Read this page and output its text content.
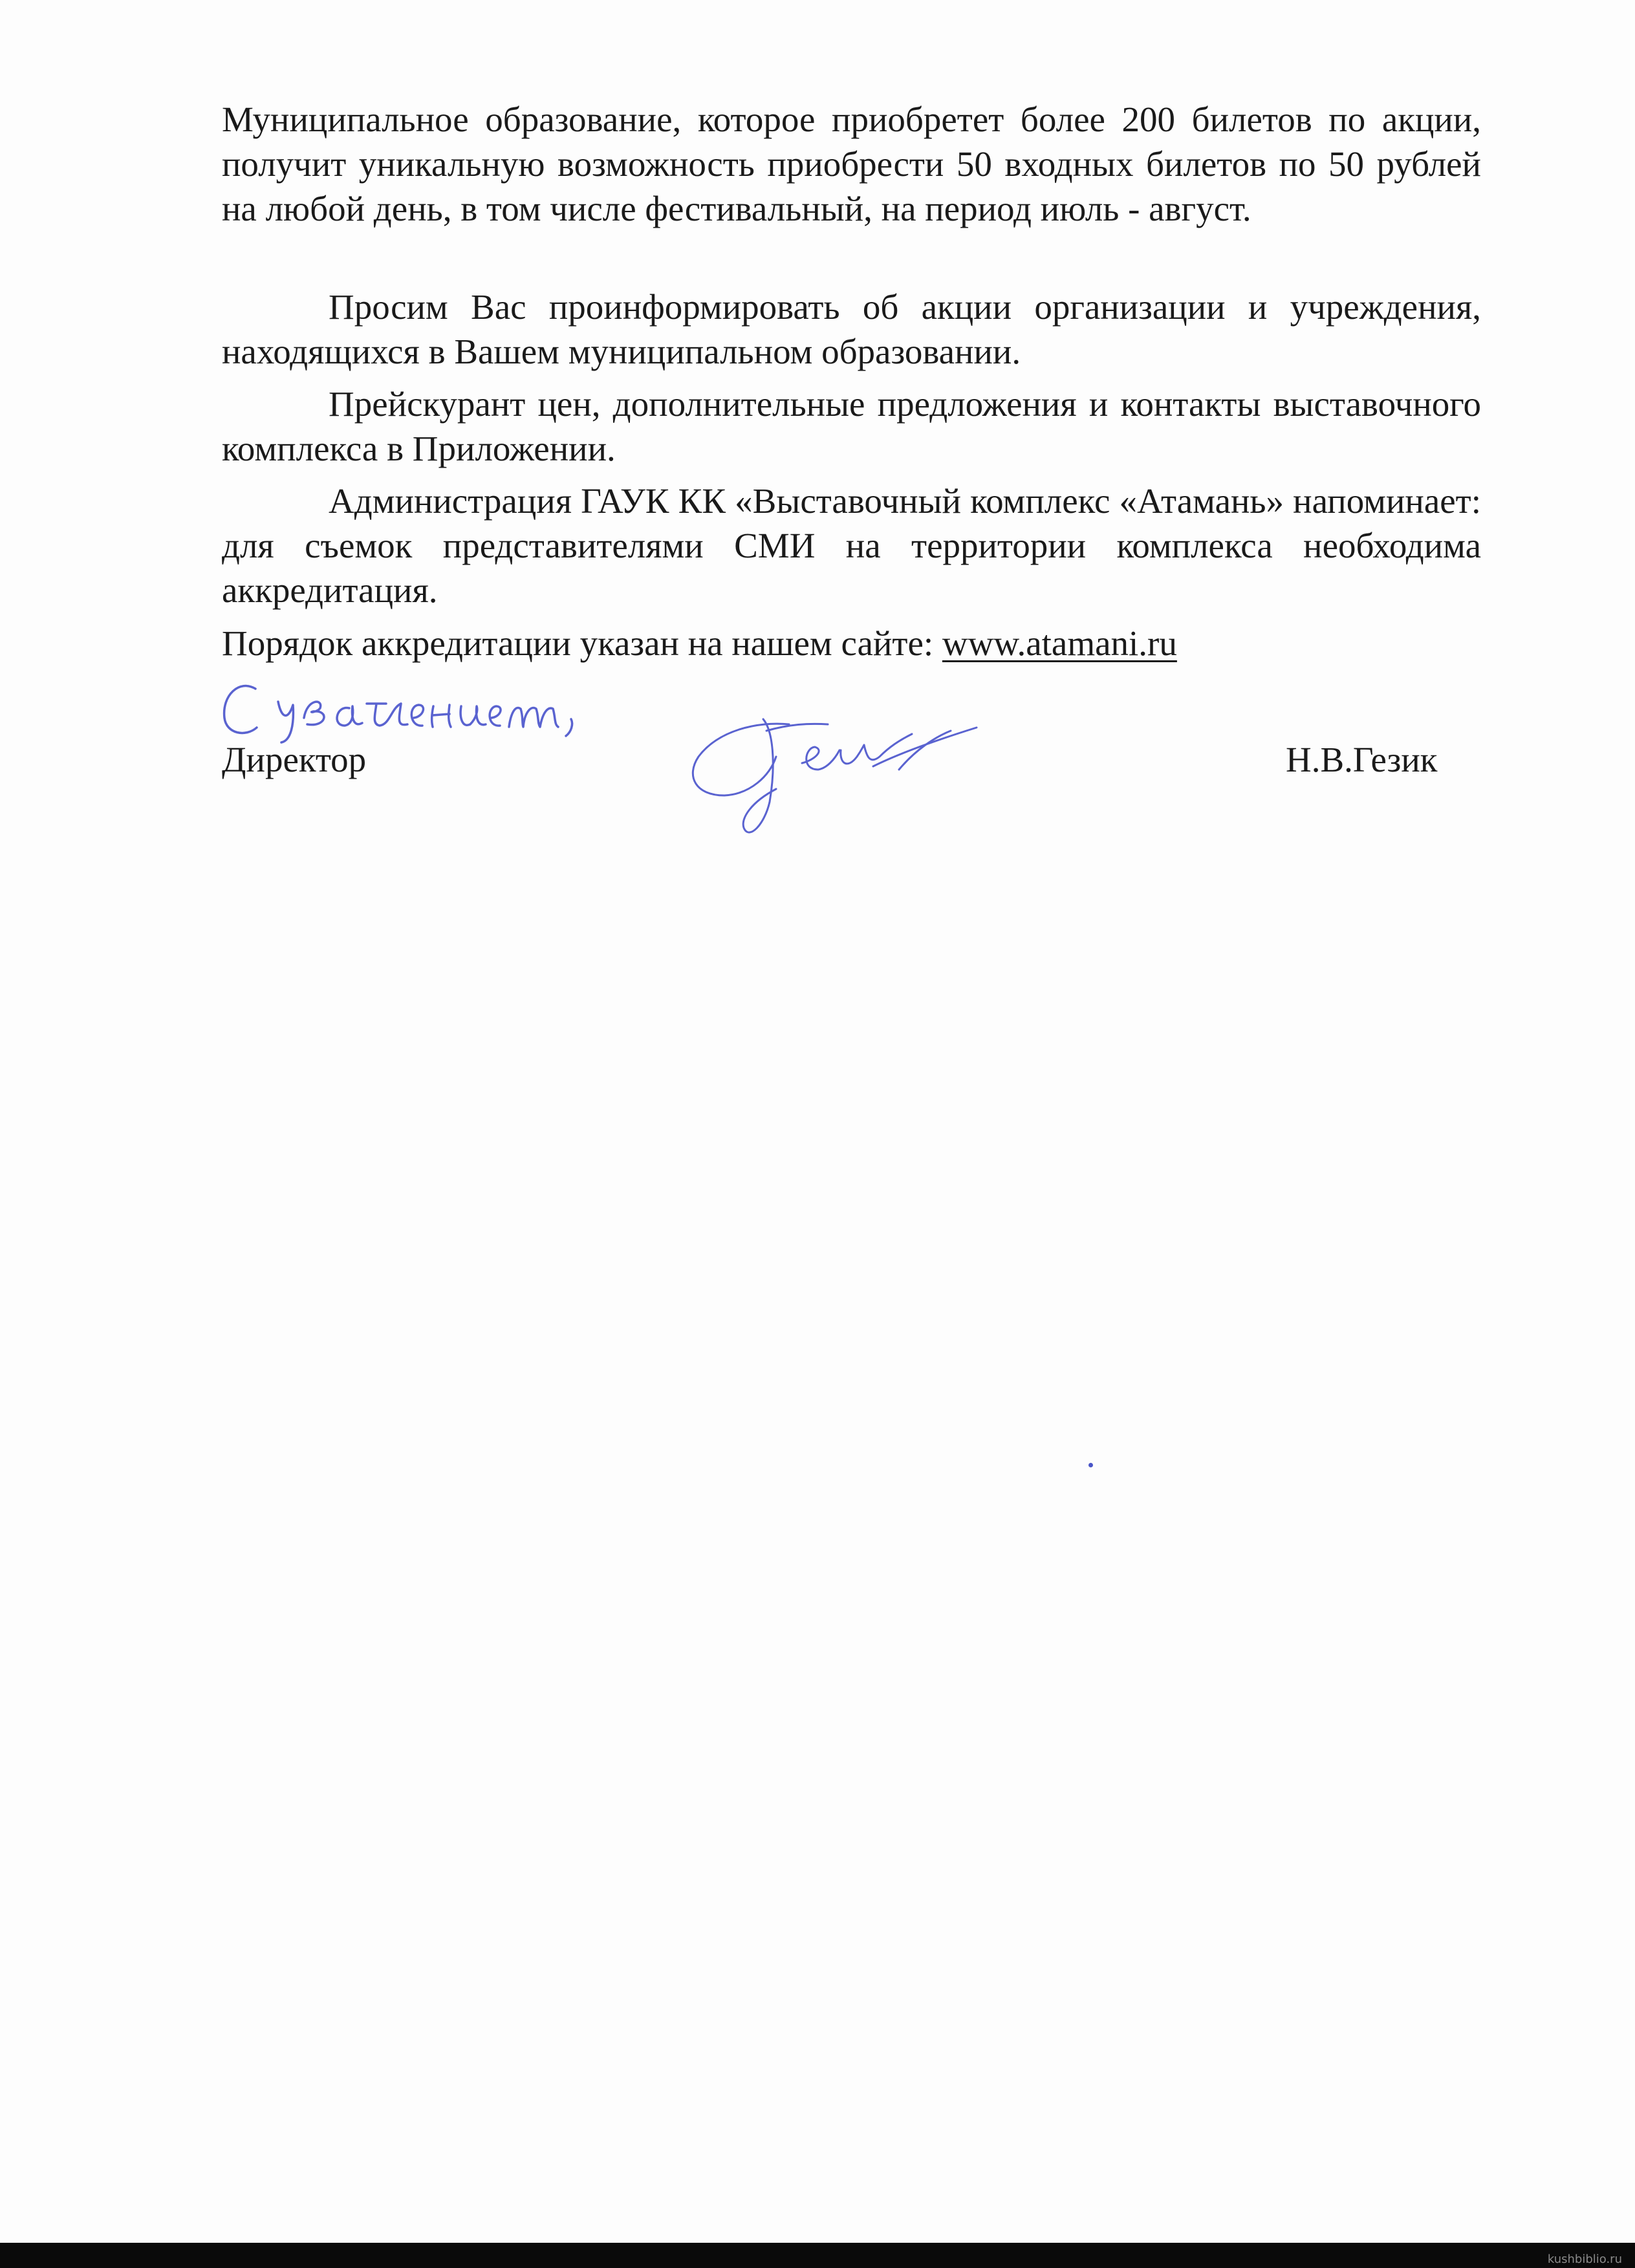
Муниципальное образование, которое приобретет более 200 билетов по акции, получит уникальную возможность приобрести 50 входных билетов по 50 рублей на любой день, в том числе фестивальный, на период июль - август.
Просим Вас проинформировать об акции организации и учреждения, находящихся в Вашем муниципальном образовании.
Прейскурант цен, дополнительные предложения и контакты выставочного комплекса в Приложении.
Администрация ГАУК КК «Выставочный комплекс «Атамань» напоминает: для съемок представителями СМИ на территории комплекса необходима аккредитация.
Порядок аккредитации указан на нашем сайте: www.atamani.ru
Директор	Н.В.Гезик
kushbiblio.ru
